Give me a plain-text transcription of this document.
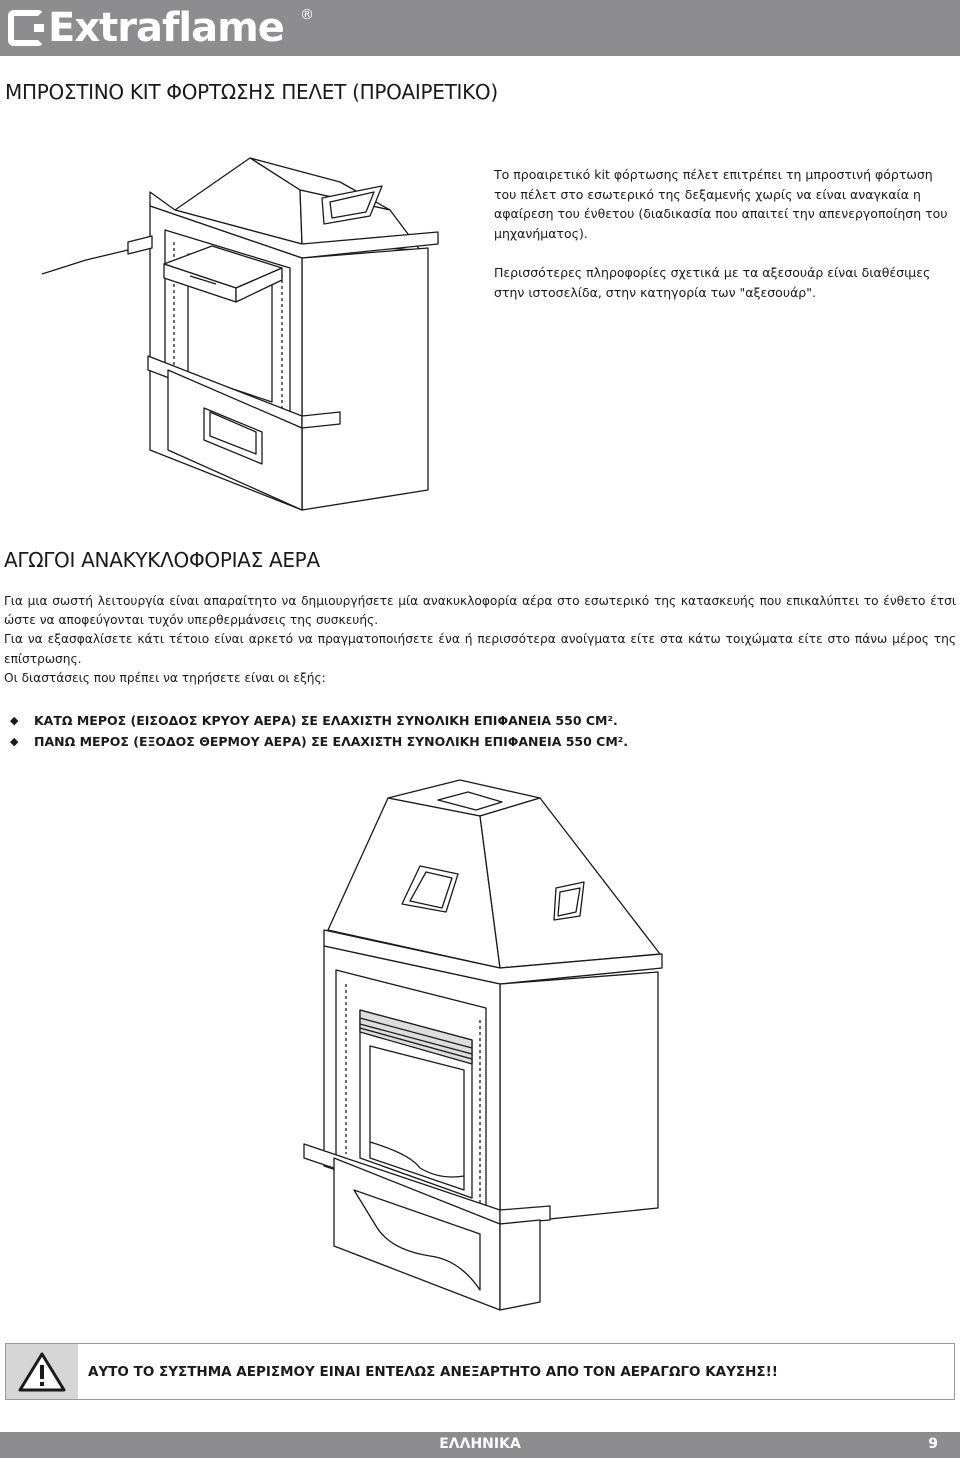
Extraflame ®
ΜΠΡΟΣΤΙΝΟ KIT ΦΟΡΤΩΣΗΣ ΠΕΛΕΤ (ΠΡΟΑΙΡΕΤΙΚΟ)

Το προαιρετικό kit φόρτωσης πέλετ επιτρέπει τη μπροστινή φόρτωση του πέλετ στο εσωτερικό της δεξαμενής χωρίς να είναι αναγκαία η αφαίρεση του ένθετου (διαδικασία που απαιτεί την απενεργοποίηση του μηχανήματος).

Περισσότερες πληροφορίες σχετικά με τα αξεσουάρ είναι διαθέσιμες στην ιστοσελίδα, στην κατηγορία των "αξεσουάρ".

ΑΓΩΓΟΙ ΑΝΑΚΥΚΛΟΦΟΡΙΑΣ ΑΕΡΑ

Για μια σωστή λειτουργία είναι απαραίτητο να δημιουργήσετε μία ανακυκλοφορία αέρα στο εσωτερικό της κατασκευής που επικαλύπτει το ένθετο έτσι ώστε να αποφεύγονται τυχόν υπερθερμάνσεις της συσκευής.

Για να εξασφαλίσετε κάτι τέτοιο είναι αρκετό να πραγματοποιήσετε ένα ή περισσότερα ανοίγματα είτε στα κάτω τοιχώματα είτε στο πάνω μέρος της επίστρωσης.

Οι διαστάσεις που πρέπει να τηρήσετε είναι οι εξής:

◆	ΚΑΤΩ ΜΕΡΟΣ (ΕΙΣΟΔΟΣ ΚΡΥΟΥ ΑΕΡΑ) ΣΕ ΕΛΑΧΙΣΤΗ ΣΥΝΟΛΙΚΗ ΕΠΙΦΑΝΕΙΑ 550 CM².
◆	ΠΑΝΩ ΜΕΡΟΣ (ΕΞΟΔΟΣ ΘΕΡΜΟΥ ΑΕΡΑ) ΣΕ ΕΛΑΧΙΣΤΗ ΣΥΝΟΛΙΚΗ ΕΠΙΦΑΝΕΙΑ 550 CM².
ΑΥΤΟ ΤΟ ΣΥΣΤΗΜΑ ΑΕΡΙΣΜΟΥ ΕΙΝΑΙ ΕΝΤΕΛΩΣ ΑΝΕΞΑΡΤΗΤΟ ΑΠΟ ΤΟΝ ΑΕΡΑΓΩΓΟ ΚΑΥΣΗΣ!!
ΕΛΛΗΝΙΚΑ	9
